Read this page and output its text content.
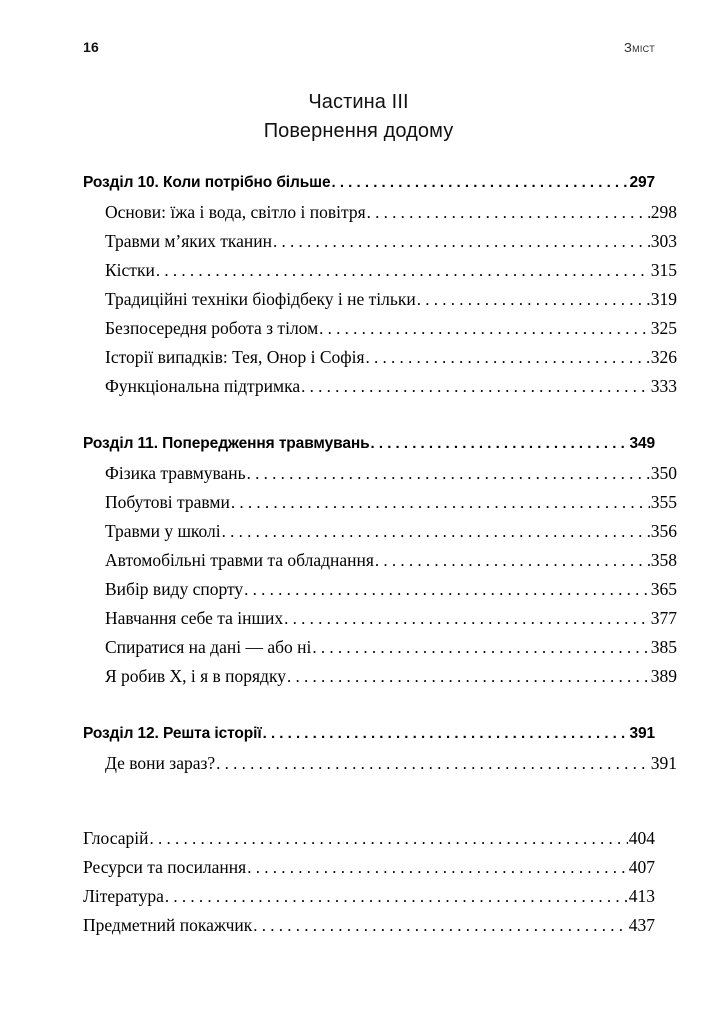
16	Зміст
Частина III
Повернення додому
Розділ 10. Коли потрібно більше . . .	297
Основи: їжа і вода, світло і повітря . . .	298
Травми м’яких тканин . . .	303
Кістки . . .	315
Традиційні техніки біофідбеку і не тільки . . .	319
Безпосередня робота з тілом . . .	325
Історії випадків: Тея, Онор і Софія . . .	326
Функціональна підтримка . . .	333
Розділ 11. Попередження травмувань . . .	349
Фізика травмувань . . .	350
Побутові травми . . .	355
Травми у школі . . .	356
Автомобільні травми та обладнання . . .	358
Вибір виду спорту . . .	365
Навчання себе та інших . . .	377
Спиратися на дані — або ні . . .	385
Я робив X, і я в порядку . . .	389
Розділ 12. Решта історії . . .	391
Де вони зараз? . . .	391
Глосарій . . .	404
Ресурси та посилання . . .	407
Література . . .	413
Предметний покажчик . . .	437
